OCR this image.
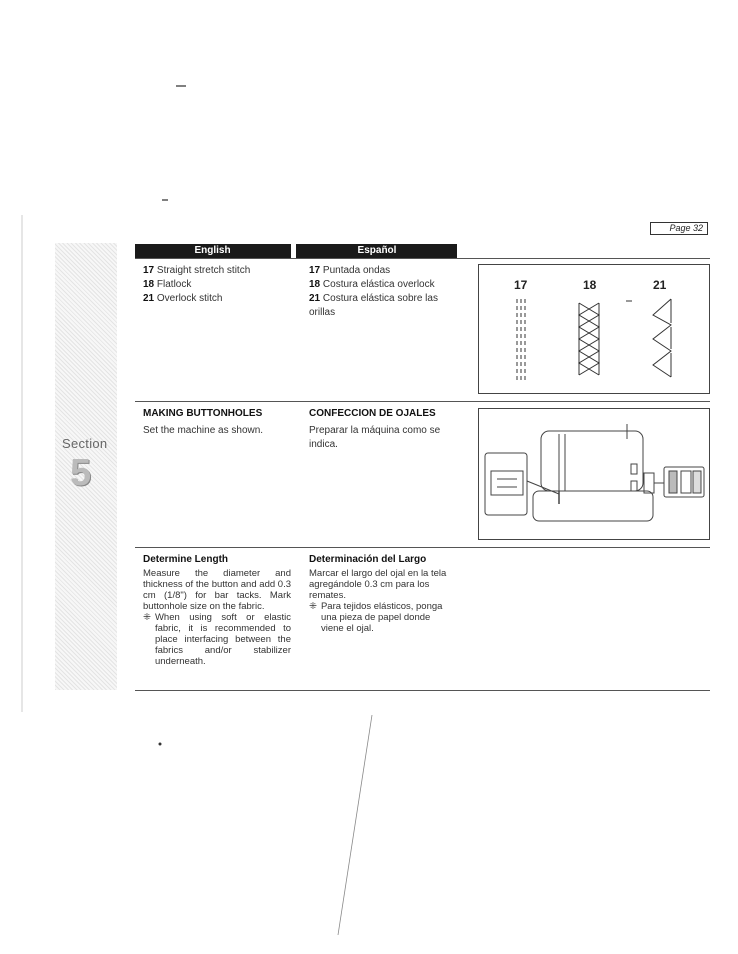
Page 32
Section
5
English	Español
17 Straight stretch stitch
18 Flatlock
21 Overlock stitch
17 Puntada ondas
18 Costura elástica overlock
21 Costura elástica sobre las orillas
17	18	21
MAKING BUTTONHOLES
Set the machine as shown.
CONFECCION DE OJALES
Preparar la máquina como se indica.
Determine Length
Measure the diameter and thickness of the button and add 0.3 cm (1/8") for bar tacks. Mark buttonhole size on the fabric.
⁜ When using soft or elastic fabric, it is recommended to place interfacing between the fabrics and/or stabilizer underneath.
Determinación del Largo
Marcar el largo del ojal en la tela agregándole 0.3 cm para los remates.
⁜ Para tejidos elásticos, ponga una pieza de papel donde viene el ojal.
